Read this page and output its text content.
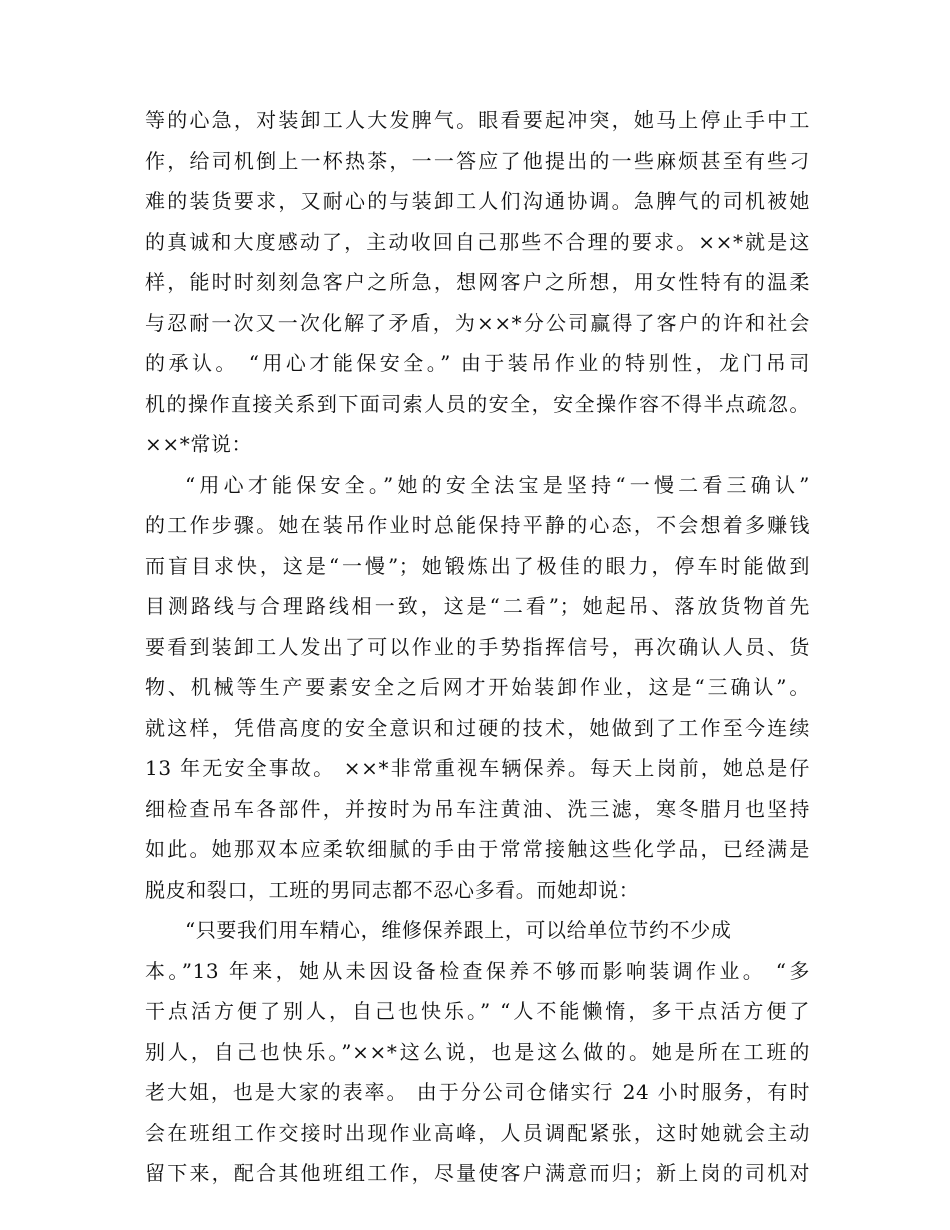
等的心急，对装卸工人大发脾气。眼看要起冲突，她马上停止手中工
作，给司机倒上一杯热茶，一一答应了他提出的一些麻烦甚至有些刁
难的装货要求，又耐心的与装卸工人们沟通协调。急脾气的司机被她
的真诚和大度感动了，主动收回自己那些不合理的要求。××*就是这
样，能时时刻刻急客户之所急，想网客户之所想，用女性特有的温柔
与忍耐一次又一次化解了矛盾，为××*分公司赢得了客户的许和社会
的承认。 “用心才能保安全。” 由于装吊作业的特别性，龙门吊司
机的操作直接关系到下面司索人员的安全，安全操作容不得半点疏忽。
××*常说：
“用心才能保安全。”她的安全法宝是坚持“一慢二看三确认”
的工作步骤。她在装吊作业时总能保持平静的心态，不会想着多赚钱
而盲目求快，这是“一慢”；她锻炼出了极佳的眼力，停车时能做到
目测路线与合理路线相一致，这是“二看”；她起吊、落放货物首先
要看到装卸工人发出了可以作业的手势指挥信号，再次确认人员、货
物、机械等生产要素安全之后网才开始装卸作业，这是“三确认”。
就这样，凭借高度的安全意识和过硬的技术，她做到了工作至今连续
13 年无安全事故。 ××*非常重视车辆保养。每天上岗前，她总是仔
细检查吊车各部件，并按时为吊车注黄油、洗三滤，寒冬腊月也坚持
如此。她那双本应柔软细腻的手由于常常接触这些化学品，已经满是
脱皮和裂口，工班的男同志都不忍心多看。而她却说：
“只要我们用车精心，维修保养跟上，可以给单位节约不少成
本。”13 年来，她从未因设备检查保养不够而影响装调作业。 “多
干点活方便了别人，自己也快乐。” “人不能懒惰，多干点活方便了
别人，自己也快乐。”××*这么说，也是这么做的。她是所在工班的
老大姐，也是大家的表率。 由于分公司仓储实行 24 小时服务，有时
会在班组工作交接时出现作业高峰，人员调配紧张，这时她就会主动
留下来，配合其他班组工作，尽量使客户满意而归；新上岗的司机对
